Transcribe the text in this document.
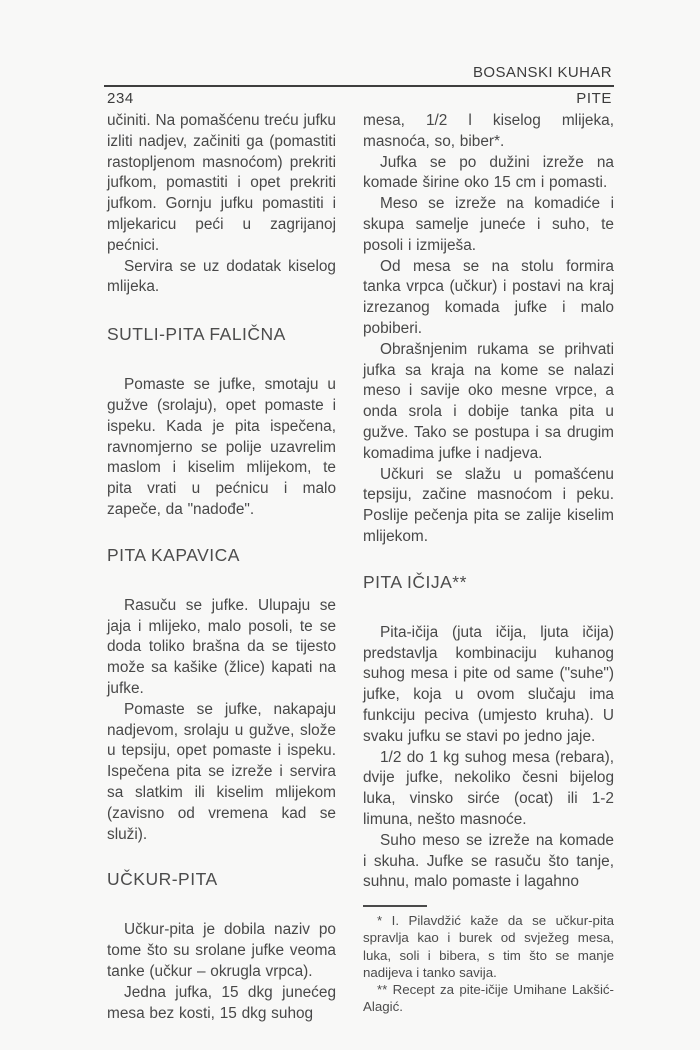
BOSANSKI KUHAR
234	PITE

učiniti. Na pomašćenu treću jufku izliti nadjev, začiniti ga (pomastiti rastopljenom masnoćom) prekriti jufkom, pomastiti i opet prekriti jufkom. Gornju jufku pomastiti i mljekaricu peći u zagrijanoj pećnici.

Servira se uz dodatak kiselog mlijeka.

SUTLI-PITA FALIČNA

Pomaste se jufke, smotaju u gužve (srolaju), opet pomaste i ispeku. Kada je pita ispečena, ravnomjerno se polije uzavrelim maslom i kiselim mlijekom, te pita vrati u pećnicu i malo zapeče, da "nadođe".

PITA KAPAVICA

Rasuču se jufke. Ulupaju se jaja i mlijeko, malo posoli, te se doda toliko brašna da se tijesto može sa kašike (žlice) kapati na jufke.

Pomaste se jufke, nakapaju nadjevom, srolaju u gužve, slože u tepsiju, opet pomaste i ispeku. Ispečena pita se izreže i servira sa slatkim ili kiselim mlijekom (zavisno od vremena kad se služi).

UČKUR-PITA

Učkur-pita je dobila naziv po tome što su srolane jufke veoma tanke (učkur – okrugla vrpca).

Jedna jufka, 15 dkg junećeg mesa bez kosti, 15 dkg suhog

mesa, 1/2 l kiselog mlijeka, masnoća, so, biber*.

Jufka se po dužini izreže na komade širine oko 15 cm i pomasti.

Meso se izreže na komadiće i skupa samelje juneće i suho, te posoli i izmiješa.

Od mesa se na stolu formira tanka vrpca (učkur) i postavi na kraj izrezanog komada jufke i malo pobiberi.

Obrašnjenim rukama se prihvati jufka sa kraja na kome se nalazi meso i savije oko mesne vrpce, a onda srola i dobije tanka pita u gužve. Tako se postupa i sa drugim komadima jufke i nadjeva.

Učkuri se slažu u pomašćenu tepsiju, začine masnoćom i peku. Poslije pečenja pita se zalije kiselim mlijekom.

PITA IČIJA**

Pita-ičija (juta ičija, ljuta ičija) predstavlja kombinaciju kuhanog suhog mesa i pite od same ("suhe") jufke, koja u ovom slučaju ima funkciju peciva (umjesto kruha). U svaku jufku se stavi po jedno jaje.

1/2 do 1 kg suhog mesa (rebara), dvije jufke, nekoliko česni bijelog luka, vinsko sirće (ocat) ili 1-2 limuna, nešto masnoće.

Suho meso se izreže na komade i skuha. Jufke se rasuču što tanje, suhnu, malo pomaste i lagahno

* I. Pilavdžić kaže da se učkur-pita spravlja kao i burek od svježeg mesa, luka, soli i bibera, s tim što se manje nadijeva i tanko savija.

** Recept za pite-ičije Umihane Lakšić-Alagić.
